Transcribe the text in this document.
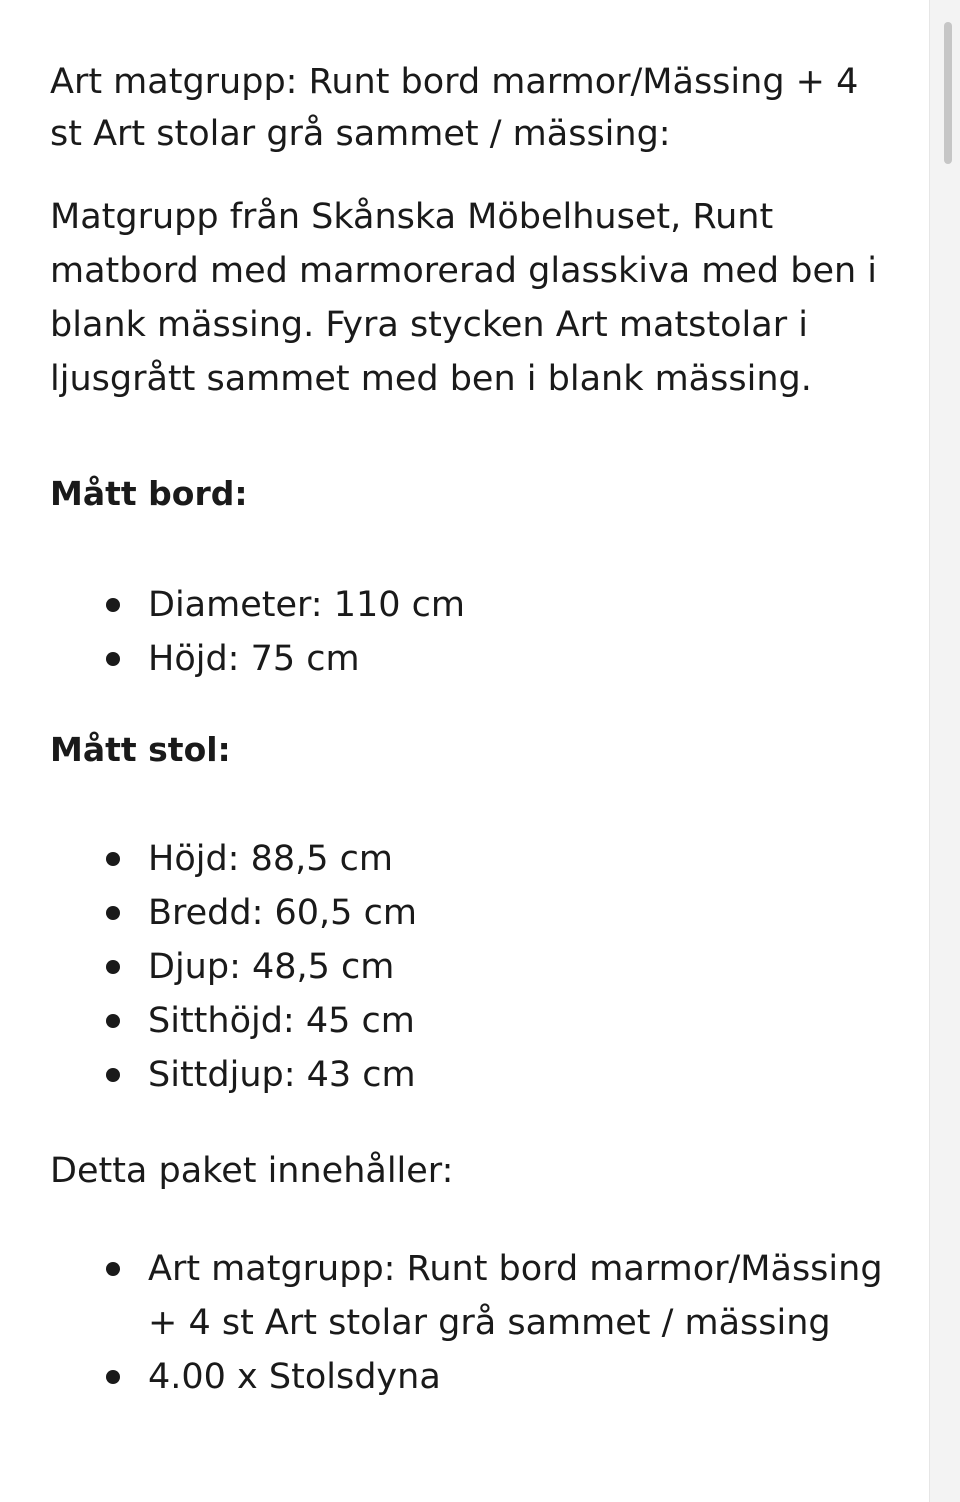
Art matgrupp: Runt bord marmor/Mässing + 4 st Art stolar grå sammet / mässing:

Matgrupp från Skånska Möbelhuset, Runt matbord med marmorerad glasskiva med ben i blank mässing. Fyra stycken Art matstolar i ljusgrått sammet med ben i blank mässing.

Mått bord:

Diameter: 110 cm
Höjd: 75 cm

Mått stol:

Höjd: 88,5 cm
Bredd: 60,5 cm
Djup: 48,5 cm
Sitthöjd: 45 cm
Sittdjup: 43 cm

Detta paket innehåller:

Art matgrupp: Runt bord marmor/Mässing + 4 st Art stolar grå sammet / mässing
4.00 x Stolsdyna
